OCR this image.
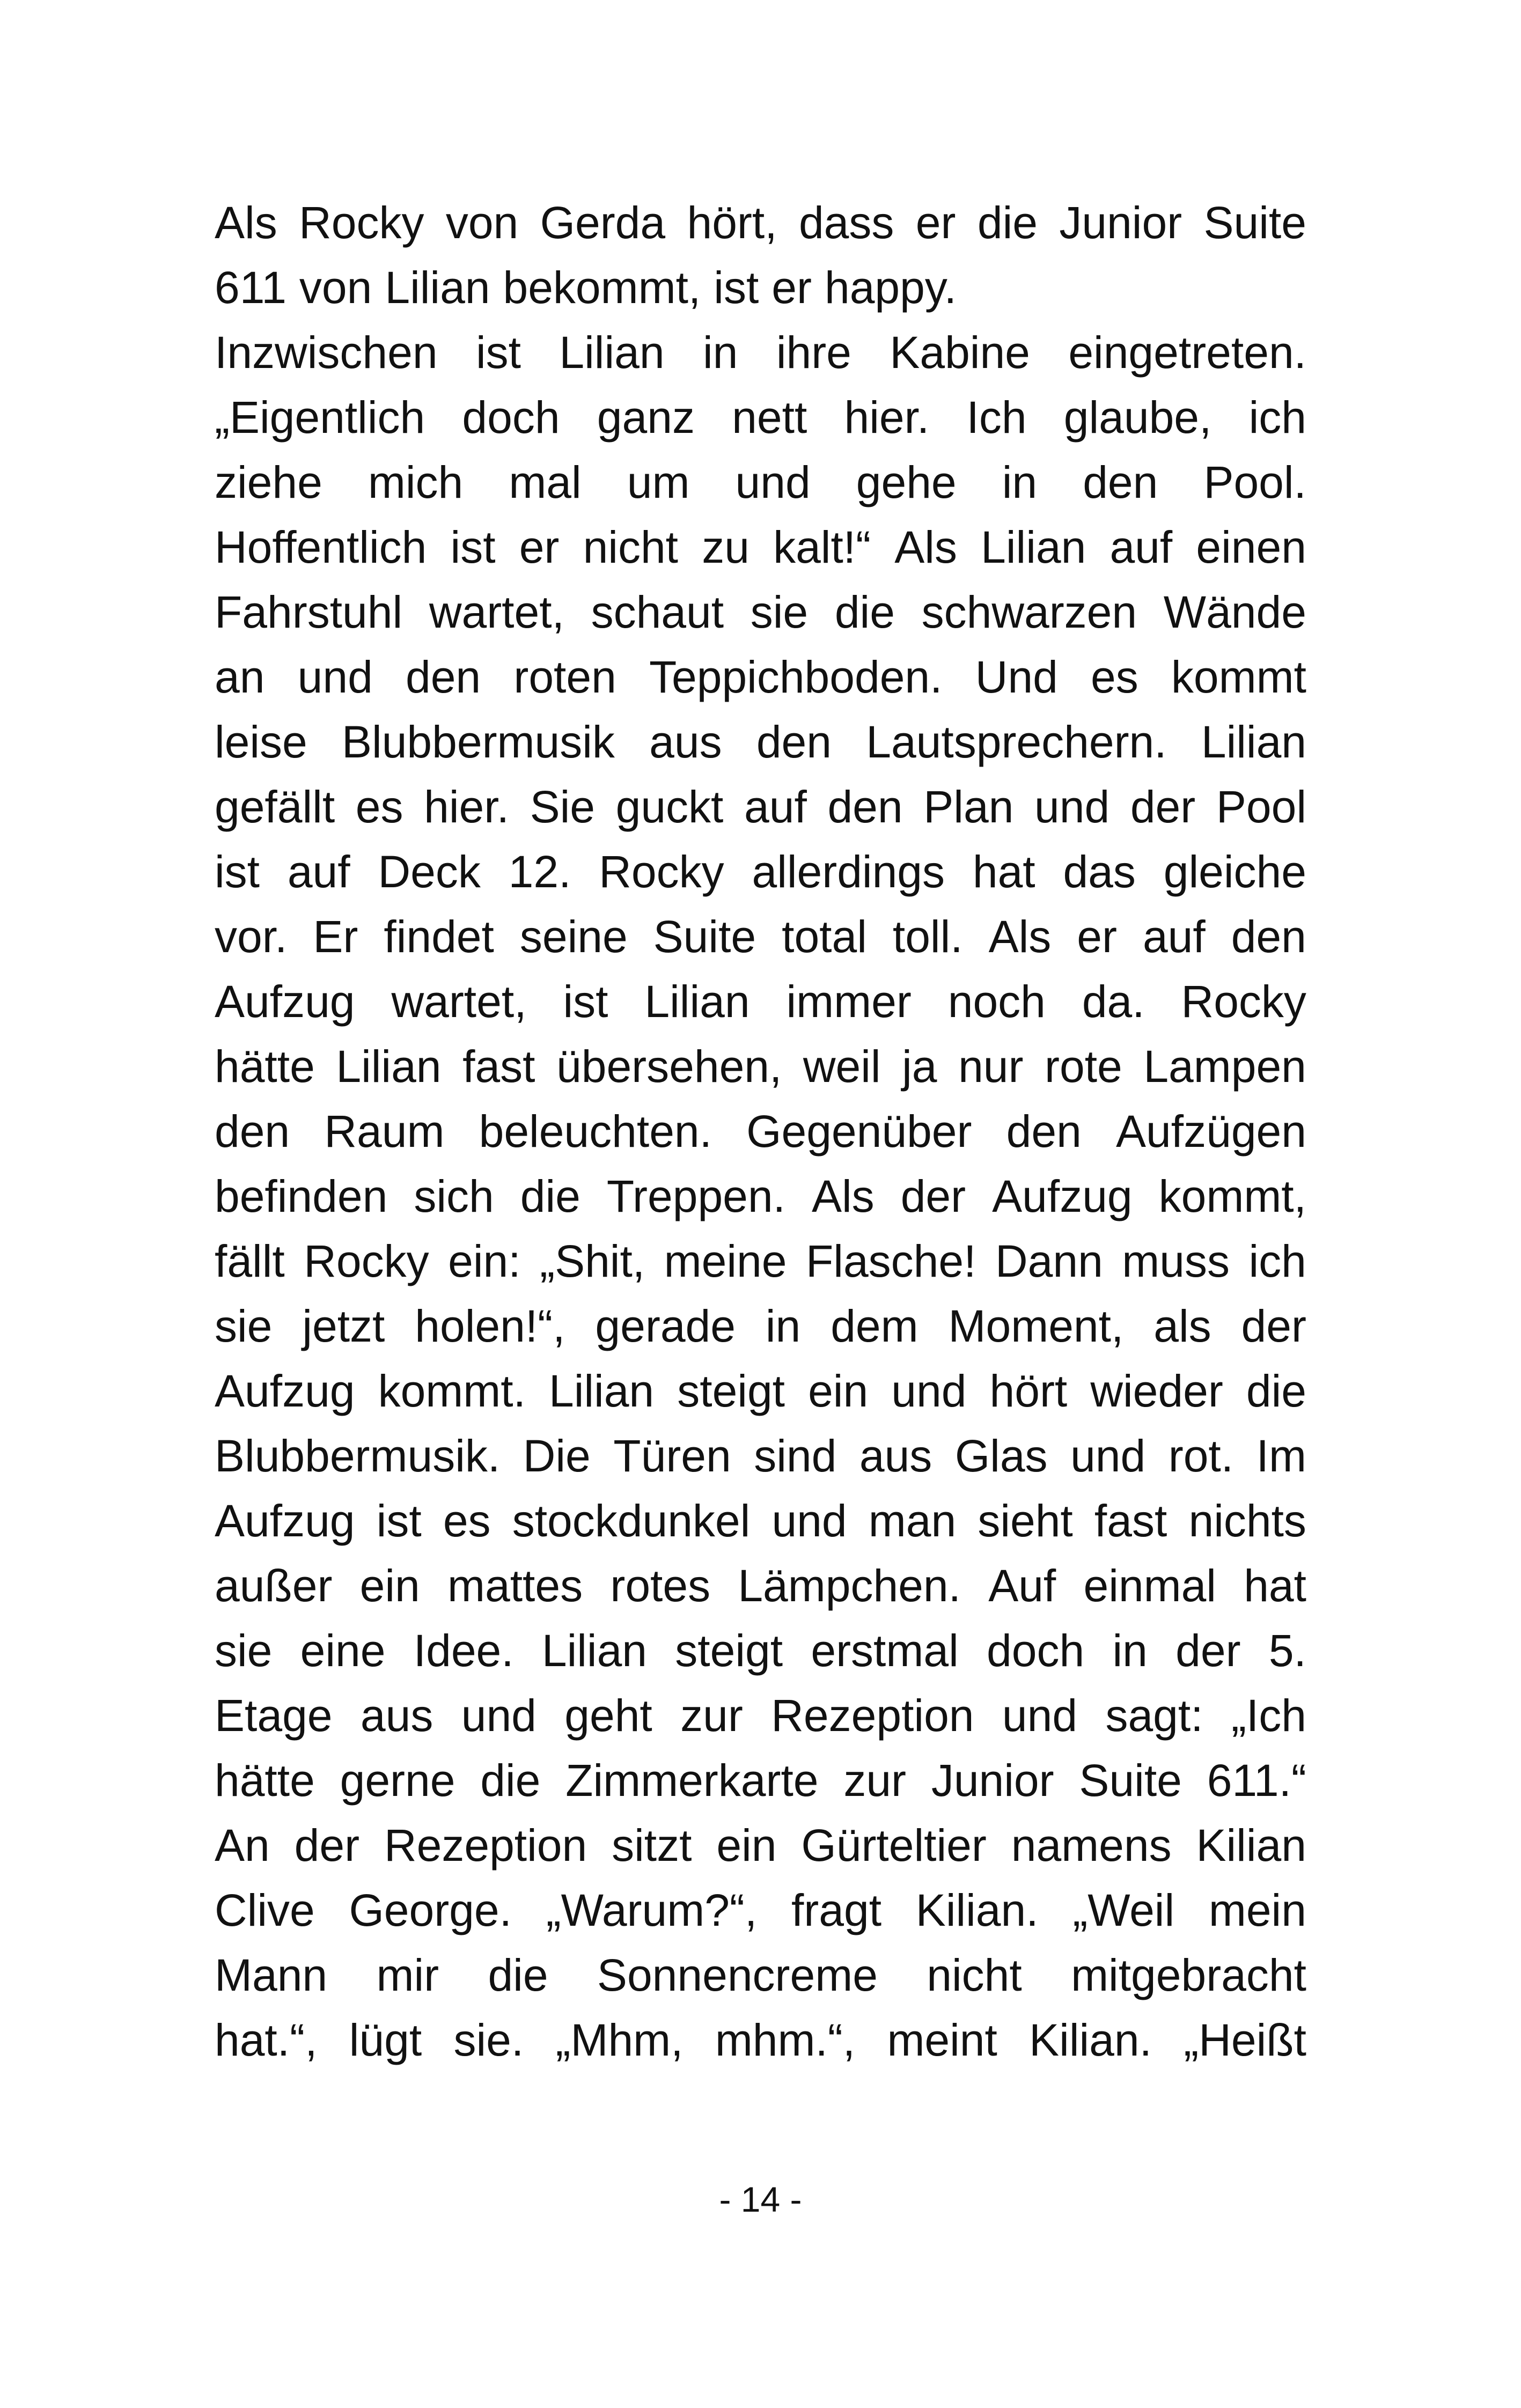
Als Rocky von Gerda hört, dass er die Junior Suite
611 von Lilian bekommt, ist er happy.
Inzwischen ist Lilian in ihre Kabine eingetreten.
„Eigentlich doch ganz nett hier. Ich glaube, ich
ziehe mich mal um und gehe in den Pool.
Hoffentlich ist er nicht zu kalt!“ Als Lilian auf einen
Fahrstuhl wartet, schaut sie die schwarzen Wände
an und den roten Teppichboden. Und es kommt
leise Blubbermusik aus den Lautsprechern. Lilian
gefällt es hier. Sie guckt auf den Plan und der Pool
ist auf Deck 12. Rocky allerdings hat das gleiche
vor. Er findet seine Suite total toll. Als er auf den
Aufzug wartet, ist Lilian immer noch da. Rocky
hätte Lilian fast übersehen, weil ja nur rote Lampen
den Raum beleuchten. Gegenüber den Aufzügen
befinden sich die Treppen. Als der Aufzug kommt,
fällt Rocky ein: „Shit, meine Flasche! Dann muss ich
sie jetzt holen!“, gerade in dem Moment, als der
Aufzug kommt. Lilian steigt ein und hört wieder die
Blubbermusik. Die Türen sind aus Glas und rot. Im
Aufzug ist es stockdunkel und man sieht fast nichts
außer ein mattes rotes Lämpchen. Auf einmal hat
sie eine Idee. Lilian steigt erstmal doch in der 5.
Etage aus und geht zur Rezeption und sagt: „Ich
hätte gerne die Zimmerkarte zur Junior Suite 611.“
An der Rezeption sitzt ein Gürteltier namens Kilian
Clive George. „Warum?“, fragt Kilian. „Weil mein
Mann mir die Sonnencreme nicht mitgebracht
hat.“, lügt sie. „Mhm, mhm.“, meint Kilian. „Heißt
- 14 -
